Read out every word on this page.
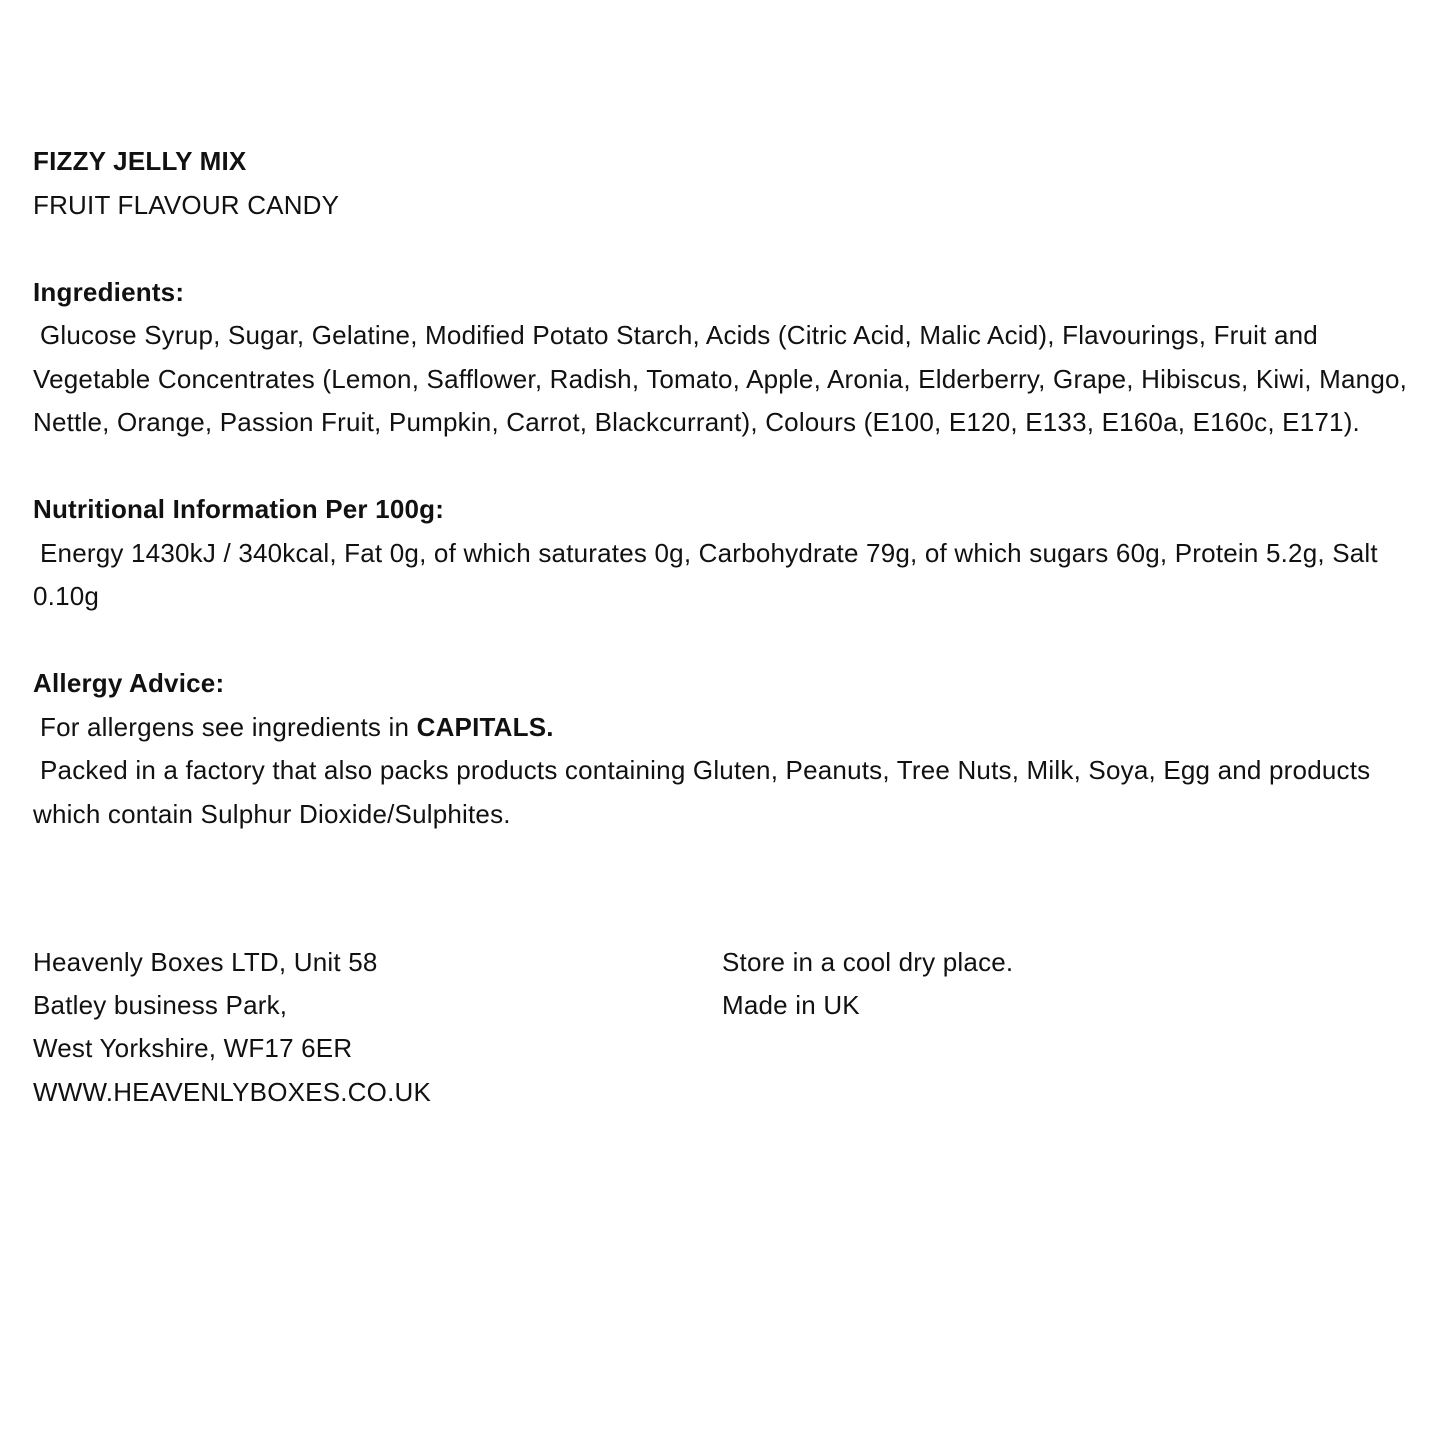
FIZZY JELLY MIX
FRUIT FLAVOUR CANDY
Ingredients:
Glucose Syrup, Sugar, Gelatine, Modified Potato Starch, Acids (Citric Acid, Malic Acid), Flavourings, Fruit and Vegetable Concentrates (Lemon, Safflower, Radish, Tomato, Apple, Aronia, Elderberry, Grape, Hibiscus, Kiwi, Mango, Nettle, Orange, Passion Fruit, Pumpkin, Carrot, Blackcurrant), Colours (E100, E120, E133, E160a, E160c, E171).
Nutritional Information Per 100g:
Energy 1430kJ / 340kcal, Fat 0g, of which saturates 0g, Carbohydrate 79g, of which sugars 60g, Protein 5.2g, Salt 0.10g
Allergy Advice:
For allergens see ingredients in CAPITALS.
Packed in a factory that also packs products containing Gluten, Peanuts, Tree Nuts, Milk, Soya, Egg and products which contain Sulphur Dioxide/Sulphites.
Heavenly Boxes LTD, Unit 58
Batley business Park,
West Yorkshire, WF17 6ER
WWW.HEAVENLYBOXES.CO.UK
Store in a cool dry place.
Made in UK
